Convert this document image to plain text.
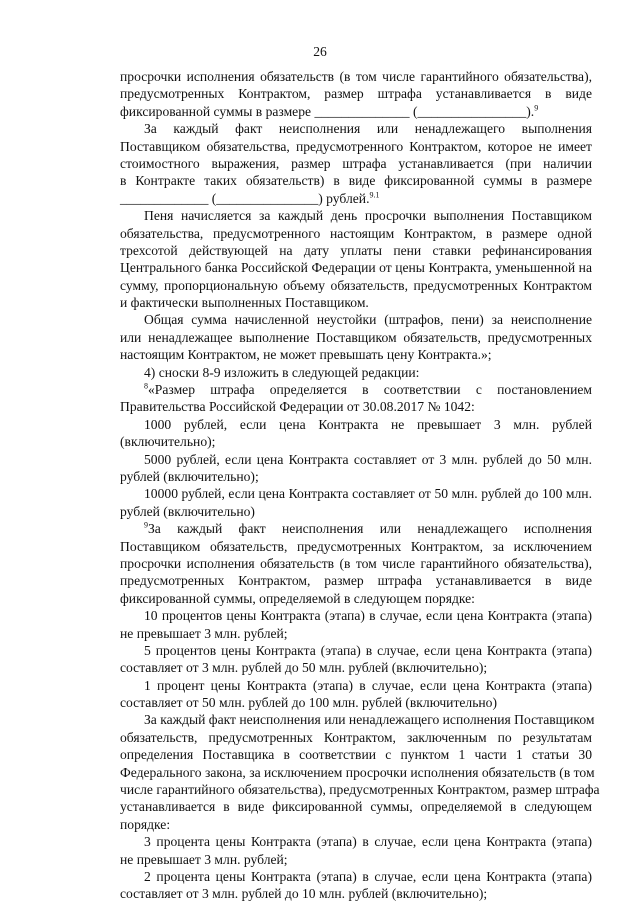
26
просрочки исполнения обязательств (в том числе гарантийного обязательства),
предусмотренных Контрактом, размер штрафа устанавливается в виде
фиксированной суммы в размере ______________ (________________).$^9$
За каждый факт неисполнения или ненадлежащего выполнения
Поставщиком обязательства, предусмотренного Контрактом, которое не имеет
стоимостного выражения, размер штрафа устанавливается (при наличии
в Контракте таких обязательств) в виде фиксированной суммы в размере
_____________ (_______________) рублей.$^{9.1}$
Пеня начисляется за каждый день просрочки выполнения Поставщиком
обязательства, предусмотренного настоящим Контрактом, в размере одной
трехсотой действующей на дату уплаты пени ставки рефинансирования
Центрального банка Российской Федерации от цены Контракта, уменьшенной на
сумму, пропорциональную объему обязательств, предусмотренных Контрактом
и фактически выполненных Поставщиком.
Общая сумма начисленной неустойки (штрафов, пени) за неисполнение
или ненадлежащее выполнение Поставщиком обязательств, предусмотренных
настоящим Контрактом, не может превышать цену Контракта.»;
4) сноски 8-9 изложить в следующей редакции:
$^8$«Размер штрафа определяется в соответствии с постановлением
Правительства Российской Федерации от 30.08.2017 № 1042:
1000 рублей, если цена Контракта не превышает 3 млн. рублей
(включительно);
5000 рублей, если цена Контракта составляет от 3 млн. рублей до 50 млн.
рублей (включительно);
10000 рублей, если цена Контракта составляет от 50 млн. рублей до 100 млн.
рублей (включительно)
$^9$За каждый факт неисполнения или ненадлежащего исполнения
Поставщиком обязательств, предусмотренных Контрактом, за исключением
просрочки исполнения обязательств (в том числе гарантийного обязательства),
предусмотренных Контрактом, размер штрафа устанавливается в виде
фиксированной суммы, определяемой в следующем порядке:
10 процентов цены Контракта (этапа) в случае, если цена Контракта (этапа)
не превышает 3 млн. рублей;
5 процентов цены Контракта (этапа) в случае, если цена Контракта (этапа)
составляет от 3 млн. рублей до 50 млн. рублей (включительно);
1 процент цены Контракта (этапа) в случае, если цена Контракта (этапа)
составляет от 50 млн. рублей до 100 млн. рублей (включительно)
За каждый факт неисполнения или ненадлежащего исполнения Поставщиком
обязательств, предусмотренных Контрактом, заключенным по результатам
определения Поставщика в соответствии с пунктом 1 части 1 статьи 30
Федерального закона, за исключением просрочки исполнения обязательств (в том
числе гарантийного обязательства), предусмотренных Контрактом, размер штрафа
устанавливается в виде фиксированной суммы, определяемой в следующем
порядке:
3 процента цены Контракта (этапа) в случае, если цена Контракта (этапа)
не превышает 3 млн. рублей;
2 процента цены Контракта (этапа) в случае, если цена Контракта (этапа)
составляет от 3 млн. рублей до 10 млн. рублей (включительно);
